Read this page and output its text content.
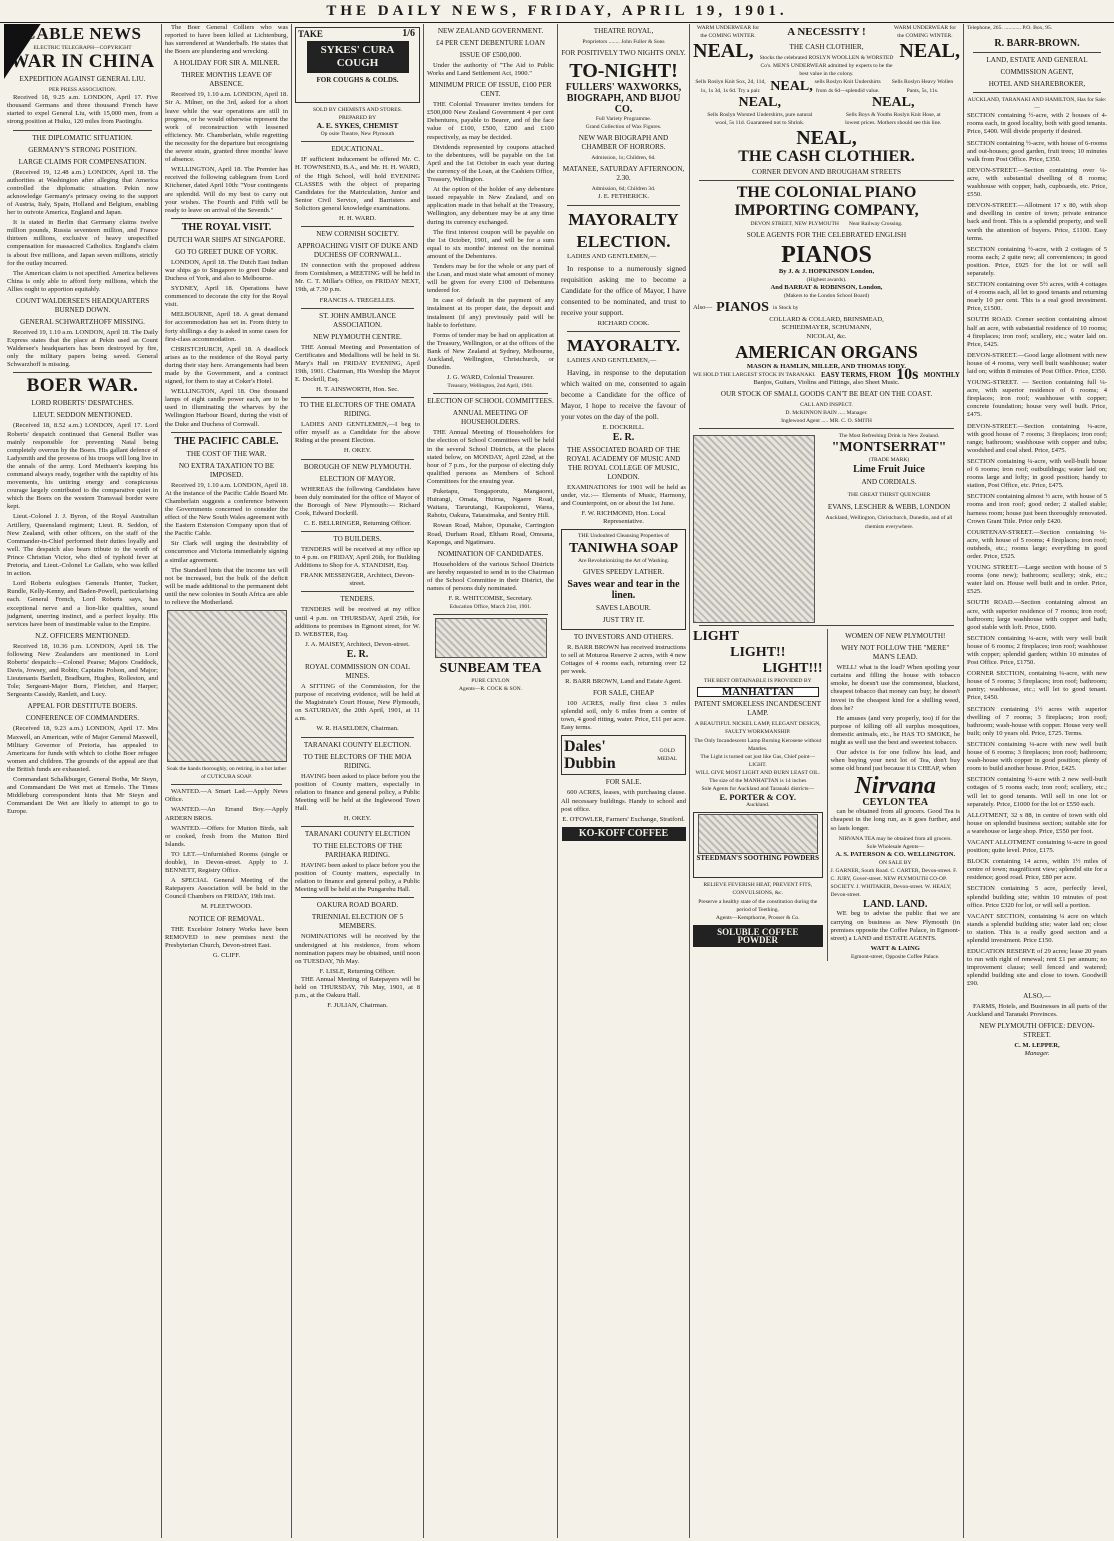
THE DAILY NEWS, FRIDAY, APRIL 19, 1901.
CABLE NEWS
ELECTRIC TELEGRAPH—COPYRIGHT
WAR IN CHINA
EXPEDITION AGAINST GENERAL LIU.
PER PRESS ASSOCIATION.

Received 18, 9.25 a.m. LONDON, April 17. Five thousand Germans and three thousand French have started to expel General Liu, with 15,000 men, from a strong position at Hsiku, 120 miles from Paotingfu.

THE DIPLOMATIC SITUATION.
GERMANY'S STRONG POSITION.
LARGE CLAIMS FOR COMPENSATION.

(Received 19, 12.48 a.m.) LONDON, April 18. The authorities at Washington after alleging that America controlled the diplomatic situation. Pekin now acknowledge Germany's primacy owing to the support of Austria, Italy, Spain, Holland and Belgium, enabling her to outvote America, England and Japan.

It is stated in Berlin that Germany claims twelve million pounds, Russia seventeen million, and France thirteen millions, exclusive of heavy unspecified compensation for massacred Catholics. England's claim is about five millions, and Japan seven millions, strictly for the outlay incurred.

The American claim is not specified. America believes China is only able to afford forty millions, which the Allies ought to apportion equitably.

COUNT WALDERSEE'S HEADQUARTERS BURNED DOWN.
GENERAL SCHWARTZHOFF MISSING.

Received 19, 1.10 a.m. LONDON, April 18. The Daily Express states that the place at Pekin used as Count Waldersee's headquarters has been destroyed by fire, only the military papers being saved. General Schwarzhoff is missing.

BOER WAR.
LORD ROBERTS' DESPATCHES.
LIEUT. SEDDON MENTIONED.

(Received 18, 8.52 a.m.) LONDON, April 17. Lord Roberts' despatch continued that General Buller was mainly responsible for preventing Natal being completely overrun by the Boers. His gallant defence of Ladysmith and the prowess of his troops will long live in the annals of the army. Lord Methuen's keeping his command always ready, together with the rapidity of his movements, his untiring energy and conspicuous courage largely contributed to the comparative quiet in which the Boers on the western Transvaal border were kept.

Lieut.-Colonel J. J. Byron, of the Royal Australian Artillery, Queensland regiment; Lieut. R. Seddon, of New Zealand, with other officers, on the staff of the Commander-in-Chief performed their duties loyally and well. The despatch also bears tribute to the worth of Prince Christian Victor, who died of typhoid fever at Pretoria, and Lieut.-Colonel Le Gallais, who was killed in action.

Lord Roberts eulogises Generals Hunter, Tucker, Rundle, Kelly-Kenny, and Baden-Powell, particularising each. General French, Lord Roberts says, has exceptional nerve and a lion-like qualities, sound judgment, unerring instinct, and a perfect loyalty. His services have been of inestimable value to the Empire.

N.Z. OFFICERS MENTIONED.

Received 18, 10.36 p.m. LONDON, April 18. The following New Zealanders are mentioned in Lord Roberts' despatch:—Colonel Pearse; Majors Craddock, Davis, Jowsey, and Robin; Captains Polson, and Major; Lieutenants Bartlett, Bradburn, Hughes, Rolleston, and Tole; Sergeant-Major Burn, Fletcher, and Harper; Sergeants Cassidy, Ranlett, and Lucy.

APPEAL FOR DESTITUTE BOERS.
CONFERENCE OF COMMANDERS.

(Received 18, 9.23 a.m.) LONDON, April 17. Mrs Maxwell, an American, wife of Major General Maxwell, Military Governor of Pretoria, has appealed to Americans for funds with which to clothe Boer refugee women and children. The grounds of the appeal are that the British funds are exhausted.

Commandant Schalkburger, General Botha, Mr Steyn, and Commandant De Wet met at Ermelo. The Times Middleburg correspondent hints that Mr Steyn and Commandant De Wet are likely to attempt to go to Europe.

The Boer General Colliers who was reported to have been killed at Lichtenburg, has surrendered at Wanderbalb. He states that the Boers are plundering and wrecking.

A HOLIDAY FOR SIR A. MILNER.
THREE MONTHS LEAVE OF ABSENCE.

Received 19, 1.10 a.m. LONDON, April 18. Sir A. Milner, on the 3rd, asked for a short leave while the war operations are still in progress, or he would otherwise represent the work of reconstruction with lessened efficiency. Mr. Chamberlain, while regretting the necessity for the departure but recognising the severe strain, granted three months' leave of absence.

WELLINGTON, April 18. The Premier has received the following cablegram from Lord Kitchener, dated April 10th: "Your contingents are splendid. Will do my best to carry out your wishes. The Fourth and Fifth will be ready to leave on arrival of the Seventh."

THE ROYAL VISIT.
DUTCH WAR SHIPS AT SINGAPORE.
GO TO GREET DUKE OF YORK.

LONDON, April 18. The Dutch East Indian war ships go to Singapore to greet Duke and Duchess of York, and also to Melbourne.

SYDNEY, April 18. Operations have commenced to decorate the city for the Royal visit.

MELBOURNE, April 18. A great demand for accommodation has set in. From thirty to forty shillings a day is asked in some cases for first-class accommodation.

CHRISTCHURCH, April 18. A deadlock arises as to the residence of the Royal party during their stay here. Arrangements had been made by the Government, and a contract signed, for them to stay at Coker's Hotel.

WELLINGTON, April 18. One thousand lamps of eight candle power each, are to be used in illuminating the wharves by the Wellington Harbour Board, during the visit of the Duke and Duchess of Cornwall.

THE PACIFIC CABLE.
THE COST OF THE WAR.
NO EXTRA TAXATION TO BE IMPOSED.

Received 19, 1.10 a.m. LONDON, April 18. At the instance of the Pacific Cable Board Mr. Chamberlain suggests a conference between the Governments concerned to consider the effect of the New South Wales agreement with the Eastern Extension Company upon that of the Pacific Cable.

Sir Clark will urging the desirability of concurrence and Victoria immediately signing a similar agreement.

The Standard hints that the income tax will not be increased, but the bulk of the deficit will be made additional to the permanent debt until the new colonies in South Africa are able to relieve the Motherland.

Soak the hands thoroughly, on retiring, in a hot lather of CUTICURA SOAP.

WANTED.—A Smart Lad.—Apply News Office.

WANTED.—An Errand Boy.—Apply ARDERN BROS.

WANTED.—Offers for Mutton Birds, salt or cooked, fresh from the Mutton Bird Islands.

TO LET.—Unfurnished Rooms (single or double), in Devon-street. Apply to J. BENNETT, Registry Office.

A SPECIAL General Meeting of the Ratepayers Association will be held in the Council Chambers on FRIDAY, 19th inst.

M. FLEETWOOD.
NOTICE OF REMOVAL.

THE Excelsior Joinery Works have been REMOVED to new premises next the Presbyterian Church, Devon-street East.

G. CLIFF.
TAKE
SYKES' CURA COUGH
FOR COUGHS & COLDS.
1/6
SOLD BY CHEMISTS AND STORES.
PREPARED BY
A. E. SYKES, CHEMIST
Op osite Theatre, New Plymouth
EDUCATIONAL.

IF sufficient inducement be offered Mr. C. H. TOWNSEND, B.A., and Mr. H. H. WARD, of the High School, will hold EVENING CLASSES with the object of preparing Candidates for the Matriculation, Junior and Senior Civil Service, and Barristers and Solicitors general knowledge examinations.

H. H. WARD.
NEW CORNISH SOCIETY.
APPROACHING VISIT OF DUKE AND DUCHESS OF CORNWALL.

IN connection with the proposed address from Cornishmen, a MEETING will be held in Mr. C. T. Millar's Office, on FRIDAY NEXT, 19th, at 7.30 p.m.

FRANCIS A. TREGELLES.
ST. JOHN AMBULANCE ASSOCIATION.
NEW PLYMOUTH CENTRE.

THE Annual Meeting and Presentation of Certificates and Medallions will be held in St. Mary's Hall on FRIDAY EVENING, April 19th, 1901. Chairman, His Worship the Mayor E. Dockrill, Esq.

H. T. AINSWORTH, Hon. Sec.
TO THE ELECTORS OF THE OMATA RIDING.

LADIES AND GENTLEMEN,—I beg to offer myself as a Candidate for the above Riding at the present Election.

H. OKEY.
BOROUGH OF NEW PLYMOUTH.
ELECTION OF MAYOR.

WHEREAS the following Candidates have been duly nominated for the office of Mayor of the Borough of New Plymouth:— Richard Cook, Edward Dockrill.

C. E. BELLRINGER, Returning Officer.
TO BUILDERS.

TENDERS will be received at my office up to 4 p.m. on FRIDAY, April 26th, for Building Additions to Shop for A. STANDISH, Esq.

FRANK MESSENGER, Architect, Devon-street.
TENDERS.

TENDERS will be received at my office until 4 p.m. on THURSDAY, April 25th, for additions to premises in Egmont street, for W. D. WEBSTER, Esq.

J. A. MAISEY, Architect, Devon-street.
E. R.
ROYAL COMMISSION ON COAL MINES.

A SITTING of the Commission, for the purpose of receiving evidence, will be held at the Magistrate's Court House, New Plymouth, on SATURDAY, the 20th April, 1901, at 11 a.m.

W. R. HASELDEN, Chairman.
TARANAKI COUNTY ELECTION.
TO THE ELECTORS OF THE MOA RIDING.

HAVING been asked to place before you the position of County matters, especially in relation to finance and general policy, a Public Meeting will be held at the Inglewood Town Hall.

H. OKEY.
TARANAKI COUNTY ELECTION
TO THE ELECTORS OF THE PARIHAKA RIDING.

HAVING been asked to place before you the position of County matters, especially in relation to finance and general policy, a Public Meeting will be held at the Pungarehu Hall.

OAKURA ROAD BOARD.
TRIENNIAL ELECTION OF 5 MEMBERS.

NOMINATIONS will be received by the undersigned at his residence, from whom nomination papers may be obtained, until noon on TUESDAY, 7th May.

F. LISLE, Returning Officer.

THE Annual Meeting of Ratepayers will be held on THURSDAY, 7th May, 1901, at 8 p.m., at the Oakura Hall.

F. JULIAN, Chairman.
NEW ZEALAND GOVERNMENT.
£4 PER CENT DEBENTURE LOAN
ISSUE OF £500,000.

Under the authority of "The Aid to Public Works and Land Settlement Act, 1900."

MINIMUM PRICE OF ISSUE, £100 PER CENT.

THE Colonial Treasurer invites tenders for £500,000 New Zealand Government 4 per cent Debentures, payable to Bearer, and of the face value of £100, £500, £200 and £100 respectively, as may be decided.

Dividends represented by coupons attached to the debentures, will be payable on the 1st April and the 1st October in each year during the currency of the Loan, at the Cashiers Office, Treasury, Wellington.

At the option of the holder of any debenture issued repayable in New Zealand, and on application made in that behalf at the Treasury, Wellington, any debenture may be at any time during its currency exchanged.

The first interest coupon will be payable on the 1st October, 1901, and will be for a sum equal to six months' interest on the nominal amount of the Debentures.

Tenders may be for the whole or any part of the Loan, and must state what amount of money will be given for every £100 of Debentures tendered for.

In case of default in the payment of any instalment at its proper date, the deposit and instalment (if any) previously paid will be liable to forfeiture.

Forms of tender may be had on application at the Treasury, Wellington, or at the offices of the Bank of New Zealand at Sydney, Melbourne, Auckland, Wellington, Christchurch, or Dunedin.

J. G. WARD, Colonial Treasurer.
Treasury, Wellington, 2nd April, 1901.
ELECTION OF SCHOOL COMMITTEES.
ANNUAL MEETING OF HOUSEHOLDERS.

THE Annual Meeting of Householders for the election of School Committees will be held in the several School Districts, at the places stated below, on MONDAY, April 22nd, at the hour of 7 p.m., for the purpose of electing duly qualified persons as Members of School Committees for the ensuing year.

Puketapu, Tongaporutu, Mangaorei, Huirangi, Omata, Huirua, Ngaere Road, Waitara, Tarurutangi, Kaupokonui, Warea, Rahotu, Oakura, Tataraimaka, and Sentry Hill.

Rowan Road, Mahoe, Opunake, Carrington Road, Durham Road, Eltham Road, Omoana, Kaponga, and Ngatimaru.

NOMINATION OF CANDIDATES.

Householders of the various School Districts are hereby requested to send in to the Chairman of the School Committee in their District, the names of persons duly nominated.

F. R. WHITCOMBE, Secretary.
Education Office, March 21st, 1901.
SUNBEAM TEA
PURE CEYLON
Agents—R. COCK & SON.
THEATRE ROYAL,
Proprietors ........ John Fuller & Sons
FOR POSITIVELY TWO NIGHTS ONLY.
TO-NIGHT!
FULLERS' WAXWORKS, BIOGRAPH, AND BIJOU CO.
Full Variety Programme.
Grand Collection of Wax Figures.
NEW WAR BIOGRAPH AND CHAMBER OF HORRORS.
Admission, 1s; Children, 6d.
MATANEE, SATURDAY AFTERNOON, 2.30.
Admission, 6d; Children 3d.
J. E. FETHERICK.
MAYORALTY ELECTION.

LADIES AND GENTLEMEN,—

In response to a numerously signed requisition asking me to become a Candidate for the office of Mayor, I have consented to be nominated, and trust to receive your support.

RICHARD COOK.
MAYORALTY.

LADIES AND GENTLEMEN,—

Having, in response to the deputation which waited on me, consented to again become a Candidate for the office of Mayor, I hope to receive the favour of your votes on the day of the poll.

E. DOCKRILL.
E. R.
THE ASSOCIATED BOARD OF THE ROYAL ACADEMY OF MUSIC AND THE ROYAL COLLEGE OF MUSIC, LONDON.

EXAMINATIONS for 1901 will be held as under, viz.:— Elements of Music, Harmony, and Counterpoint, on or about the 1st June.

F. W. RICHMOND, Hon. Local Representative.
THE Undoubted Cleansing Properties of
TANIWHA SOAP
Are Revolutionizing the Art of Washing.
GIVES SPEEDY LATHER.
Saves wear and tear in the linen.
SAVES LABOUR.
JUST TRY IT.
TO INVESTORS AND OTHERS.

R. BARR BROWN has received instructions to sell at Moturoa Reserve 2 acres, with 4 new Cottages of 4 rooms each, returning over £2 per week.

R. BARR BROWN, Land and Estate Agent.
FOR SALE, CHEAP

100 ACRES, really first class 3 miles splendid soil, only 6 miles from a centre of town, 4 good ritting, water. Price, £11 per acre. Easy terms.

Dales' Dubbin
GOLD MEDAL
FOR SALE.

600 ACRES, leases, with purchasing clause. All necessary buildings. Handy to school and post office.

E. O'FOWLER, Farmers' Exchange, Stratford.
KO-KOFF COFFEE
WARM UNDERWEAR for the COMING WINTER.	A NECESSITY !	WARM UNDERWEAR for the COMING WINTER.
NEAL,	THE CASH CLOTHIER,
Stocks the celebrated ROSLYN WOOLLEN & WORSTED Co's. MEN'S UNDERWEAR admitted by experts to be the best value in the colony.
NEAL,
Sells Roslyn Knit Sox, 2d, 11d, 1s, 1s 3d, 1s 6d. Try a pair. NEAL, sells Roslyn Knit Undershirts from 4s 6d—splendid value.
Sells Roslyn Heavy Wollen Pants, 5s, 11s.
NEAL,
Sells Roslyn Worsted Undershirts, pure natural wool, 5s 11d. Guaranteed not to Shrink.
NEAL,
Sells Boys & Youths Roslyn Knit Hose, at lowest prices. Mothers should see this line.
NEAL,
THE CASH CLOTHIER.
CORNER DEVON AND BROUGHAM STREETS
THE COLONIAL PIANO IMPORTING COMPANY,
DEVON STREET, NEW PLYMOUTH Near Railway Crossing.
SOLE AGENTS FOR THE CELEBRATED ENGLISH
PIANOS
By J. & J. HOPKINSON London,
(Highest awards).
And BARRAT & ROBINSON, London,
(Makers to the London School Board)
Also— PIANOS in Stock by
COLLARD & COLLARD, BRINSMEAD, SCHIEDMAYER, SCHUMANN, NICOLAI, &c.
AMERICAN ORGANS
MASON & HAMLIN, MILLER, AND THOMAS IODY.
WE HOLD THE LARGEST STOCK IN TARANAKI. EASY TERMS, FROM 10s MONTHLY
Banjos, Guitars, Violins and Fittings, also Sheet Music.
OUR STOCK OF SMALL GOODS CAN'T BE BEAT ON THE COAST.
CALL AND INSPECT.
D. McKINNON BAIN ..... Manager.
Inglewood Agent ..... MR. C. O. SMITH
The Most Refreshing Drink in New Zealand.
"MONTSERRAT"
(TRADE MARK)
Lime Fruit Juice
AND CORDIALS.
THE GREAT THIRST QUENCHER
EVANS, LESCHER & WEBB, LONDON
Auckland, Wellington, Christchurch, Dunedin, and of all chemists everywhere.
LIGHT
LIGHT!!
LIGHT!!!
THE BEST OBTAINABLE IS PROVIDED BY
MANHATTAN
PATENT SMOKELESS INCANDESCENT LAMP.
A BEAUTIFUL NICKEL LAMP, ELEGANT DESIGN, FAULTY WORKMANSHIP.
The Only Incandescent Lamp Burning Kerosene without Mantles.
The Light is turned out just like Gas, Chief point—LIGHT.
WILL GIVE MOST LIGHT AND BURN LEAST OIL.
The size of the MANHATTAN is 14 inches
Sole Agents for Auckland and Taranaki districts—
E. PORTER & COY.
Auckland.
STEEDMAN'S SOOTHING POWDERS
RELIEVE FEVERISH HEAT, PREVENT FITS, CONVULSIONS, &c.
Preserve a healthy state of the constitution during the period of Teething.
Agents—Kempthorne, Prosser & Co.
SOLUBLE COFFEE POWDER
WOMEN OF NEW PLYMOUTH!
WHY NOT FOLLOW THE "MERE" MAN'S LEAD.

WELL! what is the load? When spoiling your curtains and filling the house with tobacco smoke, he doesn't use the commonest, blackest, cheapest tobacco that money can buy; he doesn't invest in the cheapest kind for a shilling weed, does he?

He amuses (and very properly, too) if for the purpose of killing off all surplus mosquitoes, domestic animals, etc., he HAS TO SMOKE, he might as well use the best and sweetest tobacco.

Our advice is for one follow his lead, and when buying your next lot of Tea, don't buy some old brand just because it is CHEAP, when

Nirvana
CEYLON TEA

can be obtained from all grocers. Good Tea is cheapest in the long run, as it goes further, and so lasts longer.

NIRVANA TEA may be obtained from all grocers.
Sole Wholesale Agents—
A. S. PATERSON & CO. WELLINGTON.
ON SALE BY
J. GARNER, South Road. C. CARTER, Devon-street. F. C. JURY, Gover-street. NEW PLYMOUTH CO-OP. SOCIETY. J. WHITAKER, Devon-street. W. HEALY, Devon-street.
LAND. LAND.

WE beg to advise the public that we are carrying on business as New Plymouth (in premises opposite the Coffee Palace, in Egmont-street) a LAND and ESTATE AGENTS.

WATT & LAING
Egmont-street, Opposite Coffee Palace.
Telephone, 265. ............ P.O. Box, 95.
R. BARR-BROWN.
LAND, ESTATE AND GENERAL
COMMISSION AGENT,
HOTEL AND SHAREBROKER,
AUCKLAND, TARANAKI AND HAMILTON, Has for Sale:—
SECTION containing ½-acre, with 2 houses of 4-rooms each, in good locality, both with good tenants. Price, £400. Will divide property if desired.
SECTION containing ½-acre, with house of 6-rooms and out-houses; good garden, fruit trees; 10 minutes walk from Post Office. Price, £350.
DEVON-STREET.—Section containing over ¼-acre, with substantial dwelling of 8 rooms; washhouse with copper, bath, cupboards, etc. Price, £550.
DEVON-STREET.—Allotment 17 x 80, with shop and dwelling in centre of town; private entrance back and front. This is a splendid property, and well worth the attention of buyers. Price, £1100. Easy terms.
SECTION containing ½-acre, with 2 cottages of 5 rooms each; 2 quite new; all conveniences; in good position. Price, £925 for the lot or will sell separately.
SECTION containing over 5½ acres, with 4 cottages of 4 rooms each, all let to good tenants and returning nearly 10 per cent. This is a real good investment. Price, £1500.
SOUTH ROAD. Corner section containing almost half an acre, with substantial residence of 10 rooms; 4 fireplaces; iron roof; scullery, etc.; water laid on. Price, £425.
DEVON-STREET.—Good large allotment with new house of 4 rooms, very well built washhouse; water laid on; within 8 minutes of Post Office. Price, £350.
YOUNG-STREET. — Section containing full ¼-acre, with superior residence of 6 rooms; 4 fireplaces; iron roof; washhouse with copper; concrete foundation; house very well built. Price, £475.
DEVON-STREET.—Section containing ¼-acre, with good house of 7 rooms; 3 fireplaces; iron roof; range; bathroom; washhouse with copper and tubs; woodshed and coal shed. Price, £475.
SECTION containing ¼-acre, with well-built house of 6 rooms; iron roof; outbuildings; water laid on; rooms large and lofty; in good position; handy to station, Post Office, etc. Price, £475.
SECTION containing almost ½ acre, with house of 5 rooms and iron roof; good order; 2 stalled stable; harness room; house just been thoroughly renovated. Crown Grant Title. Price only £420.
COURTENAY-STREET.—Section containing ¼-acre, with house of 5 rooms; 4 fireplaces; iron roof; outsheds, etc.; rooms large; everything in good order. Price, £525.
YOUNG STREET.—Large section with house of 5 rooms (one new); bathroom; scullery; sink, etc.; water laid on. House well built and in order. Price, £525.
SOUTH ROAD.—Section containing almost an acre, with superior residence of 7 rooms; iron roof; bathroom; large washhouse with copper and bath; good stable with loft. Price, £600.
SECTION containing ¼-acre, with very well built house of 6 rooms; 2 fireplaces; iron roof; washhouse with copper; splendid garden; within 10 minutes of Post Office. Price, £1750.
CORNER SECTION, containing ¼-acre, with new house of 5 rooms; 3 fireplaces; iron roof; bathroom; pantry; washhouse, etc.; will let to good tenant. Price, £450.
SECTION containing 1½ acres with superior dwelling of 7 rooms; 3 fireplaces; iron roof; bathroom; wash-house with copper. House very well built; only 10 years old. Price, £725. Terms.
SECTION containing ¼-acre with new well built house of 6 rooms; 3 fireplaces; iron roof; bathroom; wash-house with copper in good position; plenty of room to build another house. Price, £425.
SECTION containing ½-acre with 2 new well-built cottages of 5 rooms each; iron roof; scullery, etc.; will let to good tenants. Will sell in one lot or separately. Price, £1000 for the lot or £550 each.
ALLOTMENT, 32 x 88, in centre of town with old house on splendid business section; suitable site for a warehouse or large shop. Price, £550 per foot.
VACANT ALLOTMENT containing ¼-acre in good position; quite level. Price, £175.
BLOCK containing 14 acres, within 1½ miles of centre of town; magnificent view; splendid site for a residence; good road. Price, £80 per acre.
SECTION containing 5 acre, perfectly level, splendid building site; within 10 minutes of post office. Price £320 for lot, or will sell a portion.
VACANT SECTION, containing ¼ acre on which stands a splendid building site; water laid on; close to station. This is a really good section and a splendid investment. Price £150.
EDUCATION RESERVE of 29 acres; lease 20 years to run with right of renewal; rent £1 per annum; no improvement clause; well fenced and watered; splendid building site and close to town. Goodwill £90.
ALSO,—

FARMS, Hotels, and Businesses in all parts of the Auckland and Taranaki Provinces.

NEW PLYMOUTH OFFICE: DEVON-STREET.
C. M. LEPPER,
Manager.
